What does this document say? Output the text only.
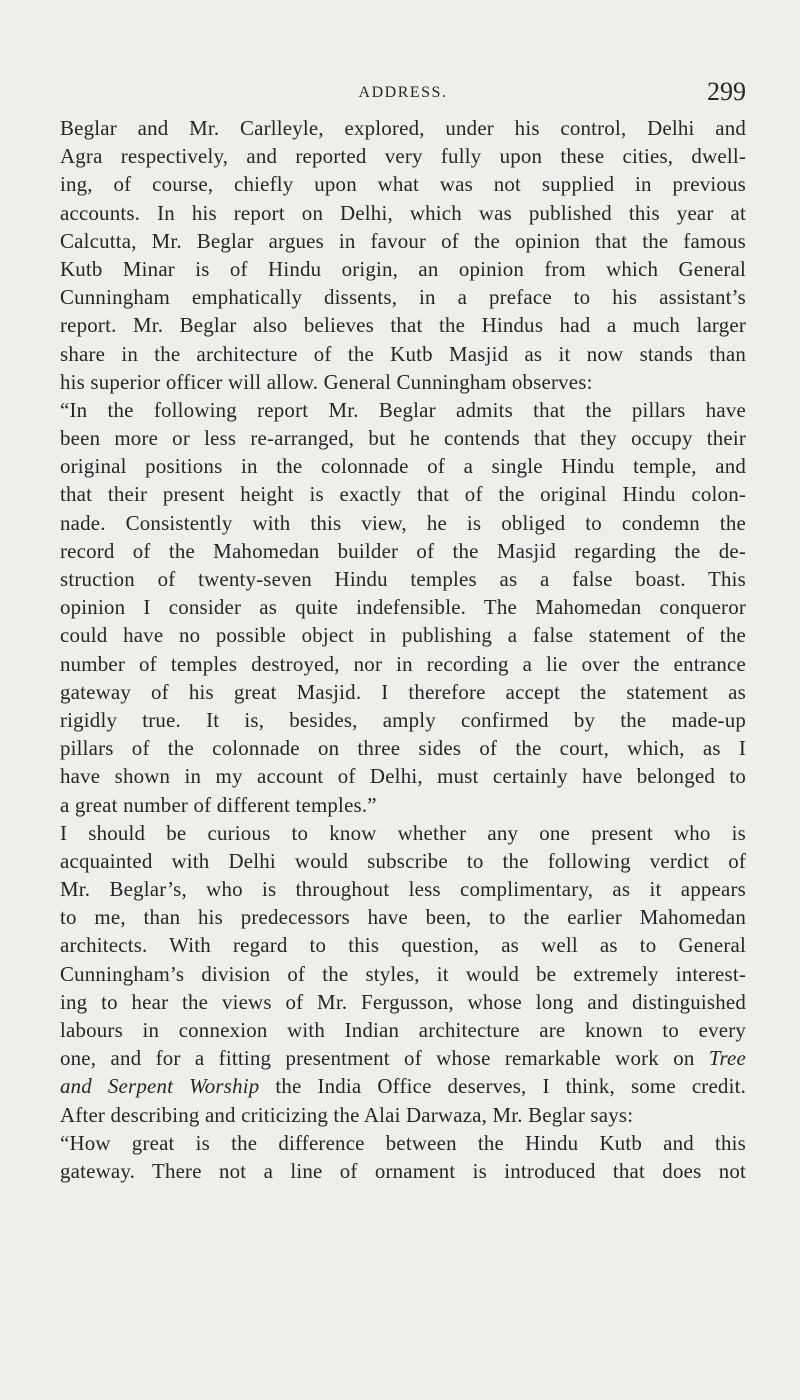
ADDRESS.	299
Beglar and Mr. Carlleyle, explored, under his control, Delhi and
Agra respectively, and reported very fully upon these cities, dwell-
ing, of course, chiefly upon what was not supplied in previous
accounts. In his report on Delhi, which was published this year at
Calcutta, Mr. Beglar argues in favour of the opinion that the famous
Kutb Minar is of Hindu origin, an opinion from which General
Cunningham emphatically dissents, in a preface to his assistant’s
report. Mr. Beglar also believes that the Hindus had a much larger
share in the architecture of the Kutb Masjid as it now stands than
his superior officer will allow. General Cunningham observes:
“In the following report Mr. Beglar admits that the pillars have
been more or less re-arranged, but he contends that they occupy their
original positions in the colonnade of a single Hindu temple, and
that their present height is exactly that of the original Hindu colon-
nade. Consistently with this view, he is obliged to condemn the
record of the Mahomedan builder of the Masjid regarding the de-
struction of twenty-seven Hindu temples as a false boast. This
opinion I consider as quite indefensible. The Mahomedan conqueror
could have no possible object in publishing a false statement of the
number of temples destroyed, nor in recording a lie over the entrance
gateway of his great Masjid. I therefore accept the statement as
rigidly true. It is, besides, amply confirmed by the made-up
pillars of the colonnade on three sides of the court, which, as I
have shown in my account of Delhi, must certainly have belonged to
a great number of different temples.”
I should be curious to know whether any one present who is
acquainted with Delhi would subscribe to the following verdict of
Mr. Beglar’s, who is throughout less complimentary, as it appears
to me, than his predecessors have been, to the earlier Mahomedan
architects. With regard to this question, as well as to General
Cunningham’s division of the styles, it would be extremely interest-
ing to hear the views of Mr. Fergusson, whose long and distinguished
labours in connexion with Indian architecture are known to every
one, and for a fitting presentment of whose remarkable work on Tree
and Serpent Worship the India Office deserves, I think, some credit.
After describing and criticizing the Alai Darwaza, Mr. Beglar says:
“How great is the difference between the Hindu Kutb and this
gateway. There not a line of ornament is introduced that does not
